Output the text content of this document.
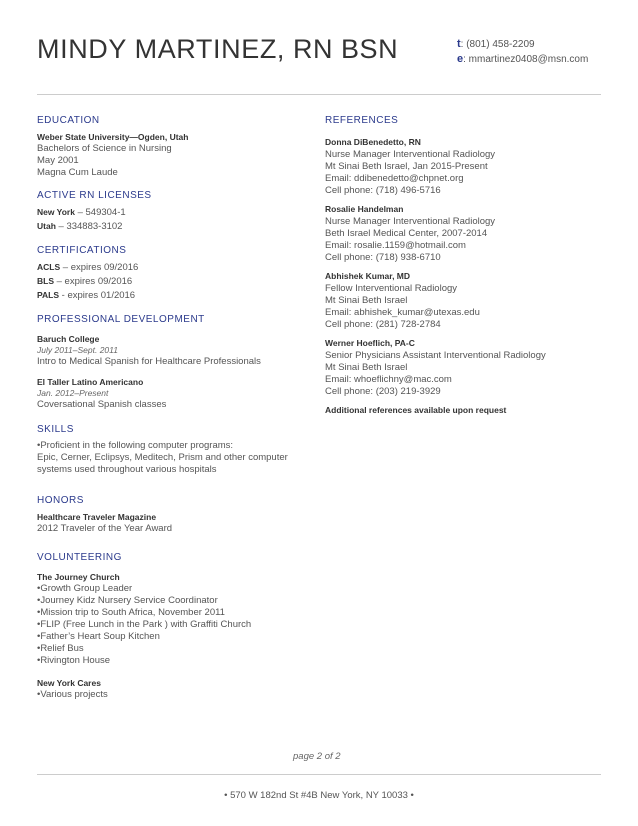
MINDY MARTINEZ, RN BSN	t: (801) 458-2209
e: mmartinez0408@msn.com
EDUCATION
Weber State University—Ogden, Utah
Bachelors of Science in Nursing
May 2001
Magna Cum Laude
ACTIVE RN LICENSES
New York – 549304-1
Utah – 334883-3102
CERTIFICATIONS
ACLS – expires 09/2016
BLS – expires 09/2016
PALS - expires 01/2016
PROFESSIONAL DEVELOPMENT
Baruch College
July 2011–Sept. 2011
Intro to Medical Spanish for Healthcare Professionals
El Taller Latino Americano
Jan. 2012–Present
Coversational Spanish classes
SKILLS
•Proficient in the following computer programs:
Epic, Cerner, Eclipsys, Meditech, Prism and other computer
systems used throughout various hospitals
HONORS
Healthcare Traveler Magazine
2012 Traveler of the Year Award
VOLUNTEERING
The Journey Church
•Growth Group Leader
•Journey Kidz Nursery Service Coordinator
•Mission trip to South Africa, November 2011
•FLIP (Free Lunch in the Park ) with Graffiti Church
•Father’s Heart Soup Kitchen
•Relief Bus
•Rivington House
New York Cares
•Various projects
REFERENCES
Donna DiBenedetto, RN
Nurse Manager Interventional Radiology
Mt Sinai Beth Israel, Jan 2015-Present
Email: ddibenedetto@chpnet.org
Cell phone: (718) 496-5716
Rosalie Handelman
Nurse Manager Interventional Radiology
Beth Israel Medical Center, 2007-2014
Email: rosalie.1159@hotmail.com
Cell phone: (718) 938-6710
Abhishek Kumar, MD
Fellow Interventional Radiology
Mt Sinai Beth Israel
Email: abhishek_kumar@utexas.edu
Cell phone: (281) 728-2784
Werner Hoeflich, PA-C
Senior Physicians Assistant Interventional Radiology
Mt Sinai Beth Israel
Email: whoeflichny@mac.com
Cell phone: (203) 219-3929
Additional references available upon request
page 2 of 2
• 570 W 182nd St #4B New York, NY 10033 •
